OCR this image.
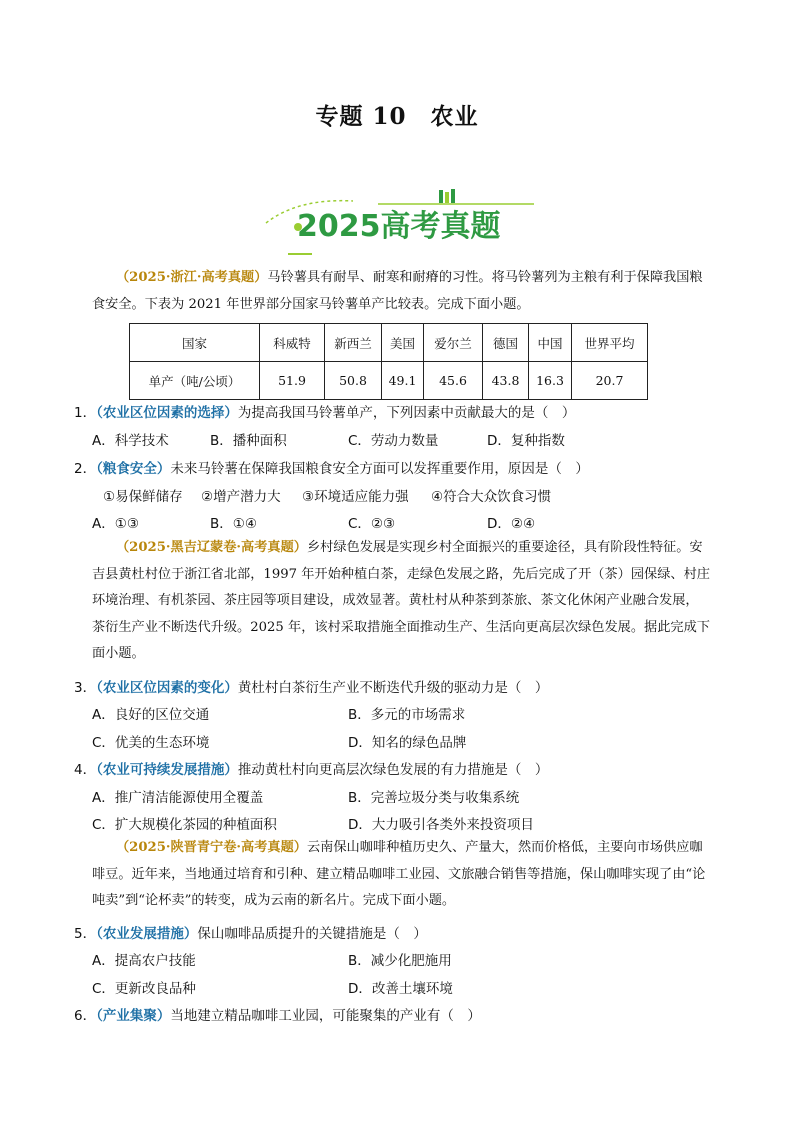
专题 10　农业
2025高考真题
（2025·浙江·高考真题）马铃薯具有耐旱、耐寒和耐瘠的习性。将马铃薯列为主粮有利于保障我国粮
食安全。下表为 2021 年世界部分国家马铃薯单产比较表。完成下面小题。
国家	科威特	新西兰	美国	爱尔兰	德国	中国	世界平均
单产（吨/公顷）	51.9	50.8	49.1	45.6	43.8	16.3	20.7
1．（农业区位因素的选择）为提高我国马铃薯单产，下列因素中贡献最大的是（　）
A．科学技术	B．播种面积	C．劳动力数量	D．复种指数
2．（粮食安全）未来马铃薯在保障我国粮食安全方面可以发挥重要作用，原因是（　）
①易保鲜储存 ②增产潜力大 ③环境适应能力强 ④符合大众饮食习惯
A．①③	B．①④	C．②③	D．②④
（2025·黑吉辽蒙卷·高考真题）乡村绿色发展是实现乡村全面振兴的重要途径，具有阶段性特征。安
吉县黄杜村位于浙江省北部，1997 年开始种植白茶，走绿色发展之路，先后完成了开（茶）园保绿、村庄
环境治理、有机茶园、茶庄园等项目建设，成效显著。黄杜村从种茶到茶旅、茶文化休闲产业融合发展，
茶衍生产业不断迭代升级。2025 年，该村采取措施全面推动生产、生活向更高层次绿色发展。据此完成下
面小题。
3．（农业区位因素的变化）黄杜村白茶衍生产业不断迭代升级的驱动力是（　）
A．良好的区位交通	B．多元的市场需求
C．优美的生态环境	D．知名的绿色品牌
4．（农业可持续发展措施）推动黄杜村向更高层次绿色发展的有力措施是（　）
A．推广清洁能源使用全覆盖	B．完善垃圾分类与收集系统
C．扩大规模化茶园的种植面积	D．大力吸引各类外来投资项目
（2025·陕晋青宁卷·高考真题）云南保山咖啡种植历史久、产量大，然而价格低，主要向市场供应咖
啡豆。近年来，当地通过培育和引种、建立精品咖啡工业园、文旅融合销售等措施，保山咖啡实现了由“论
吨卖”到“论杯卖”的转变，成为云南的新名片。完成下面小题。
5．（农业发展措施）保山咖啡品质提升的关键措施是（　）
A．提高农户技能	B．减少化肥施用
C．更新改良品种	D．改善土壤环境
6．（产业集聚）当地建立精品咖啡工业园，可能聚集的产业有（　）
